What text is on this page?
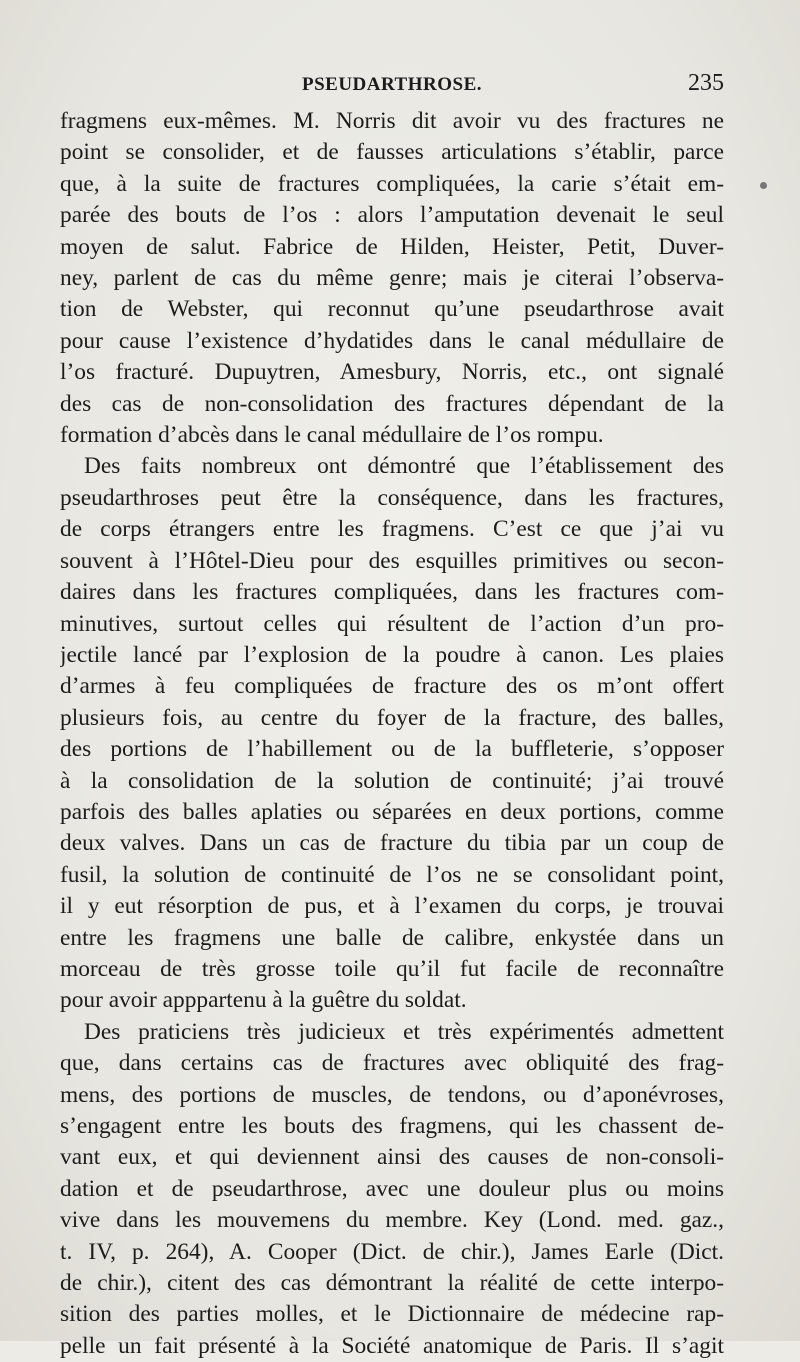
PSEUDARTHROSE.	235
fragmens eux-mêmes. M. Norris dit avoir vu des fractures ne
point se consolider, et de fausses articulations s’établir, parce
que, à la suite de fractures compliquées, la carie s’était em-
parée des bouts de l’os : alors l’amputation devenait le seul
moyen de salut. Fabrice de Hilden, Heister, Petit, Duver-
ney, parlent de cas du même genre; mais je citerai l’observa-
tion de Webster, qui reconnut qu’une pseudarthrose avait
pour cause l’existence d’hydatides dans le canal médullaire de
l’os fracturé. Dupuytren, Amesbury, Norris, etc., ont signalé
des cas de non-consolidation des fractures dépendant de la
formation d’abcès dans le canal médullaire de l’os rompu.
Des faits nombreux ont démontré que l’établissement des
pseudarthroses peut être la conséquence, dans les fractures,
de corps étrangers entre les fragmens. C’est ce que j’ai vu
souvent à l’Hôtel-Dieu pour des esquilles primitives ou secon-
daires dans les fractures compliquées, dans les fractures com-
minutives, surtout celles qui résultent de l’action d’un pro-
jectile lancé par l’explosion de la poudre à canon. Les plaies
d’armes à feu compliquées de fracture des os m’ont offert
plusieurs fois, au centre du foyer de la fracture, des balles,
des portions de l’habillement ou de la buffleterie, s’opposer
à la consolidation de la solution de continuité; j’ai trouvé
parfois des balles aplaties ou séparées en deux portions, comme
deux valves. Dans un cas de fracture du tibia par un coup de
fusil, la solution de continuité de l’os ne se consolidant point,
il y eut résorption de pus, et à l’examen du corps, je trouvai
entre les fragmens une balle de calibre, enkystée dans un
morceau de très grosse toile qu’il fut facile de reconnaître
pour avoir apppartenu à la guêtre du soldat.
Des praticiens très judicieux et très expérimentés admettent
que, dans certains cas de fractures avec obliquité des frag-
mens, des portions de muscles, de tendons, ou d’aponévroses,
s’engagent entre les bouts des fragmens, qui les chassent de-
vant eux, et qui deviennent ainsi des causes de non-consoli-
dation et de pseudarthrose, avec une douleur plus ou moins
vive dans les mouvemens du membre. Key (Lond. med. gaz.,
t. IV, p. 264), A. Cooper (Dict. de chir.), James Earle (Dict.
de chir.), citent des cas démontrant la réalité de cette interpo-
sition des parties molles, et le Dictionnaire de médecine rap-
pelle un fait présenté à la Société anatomique de Paris. Il s’agit
